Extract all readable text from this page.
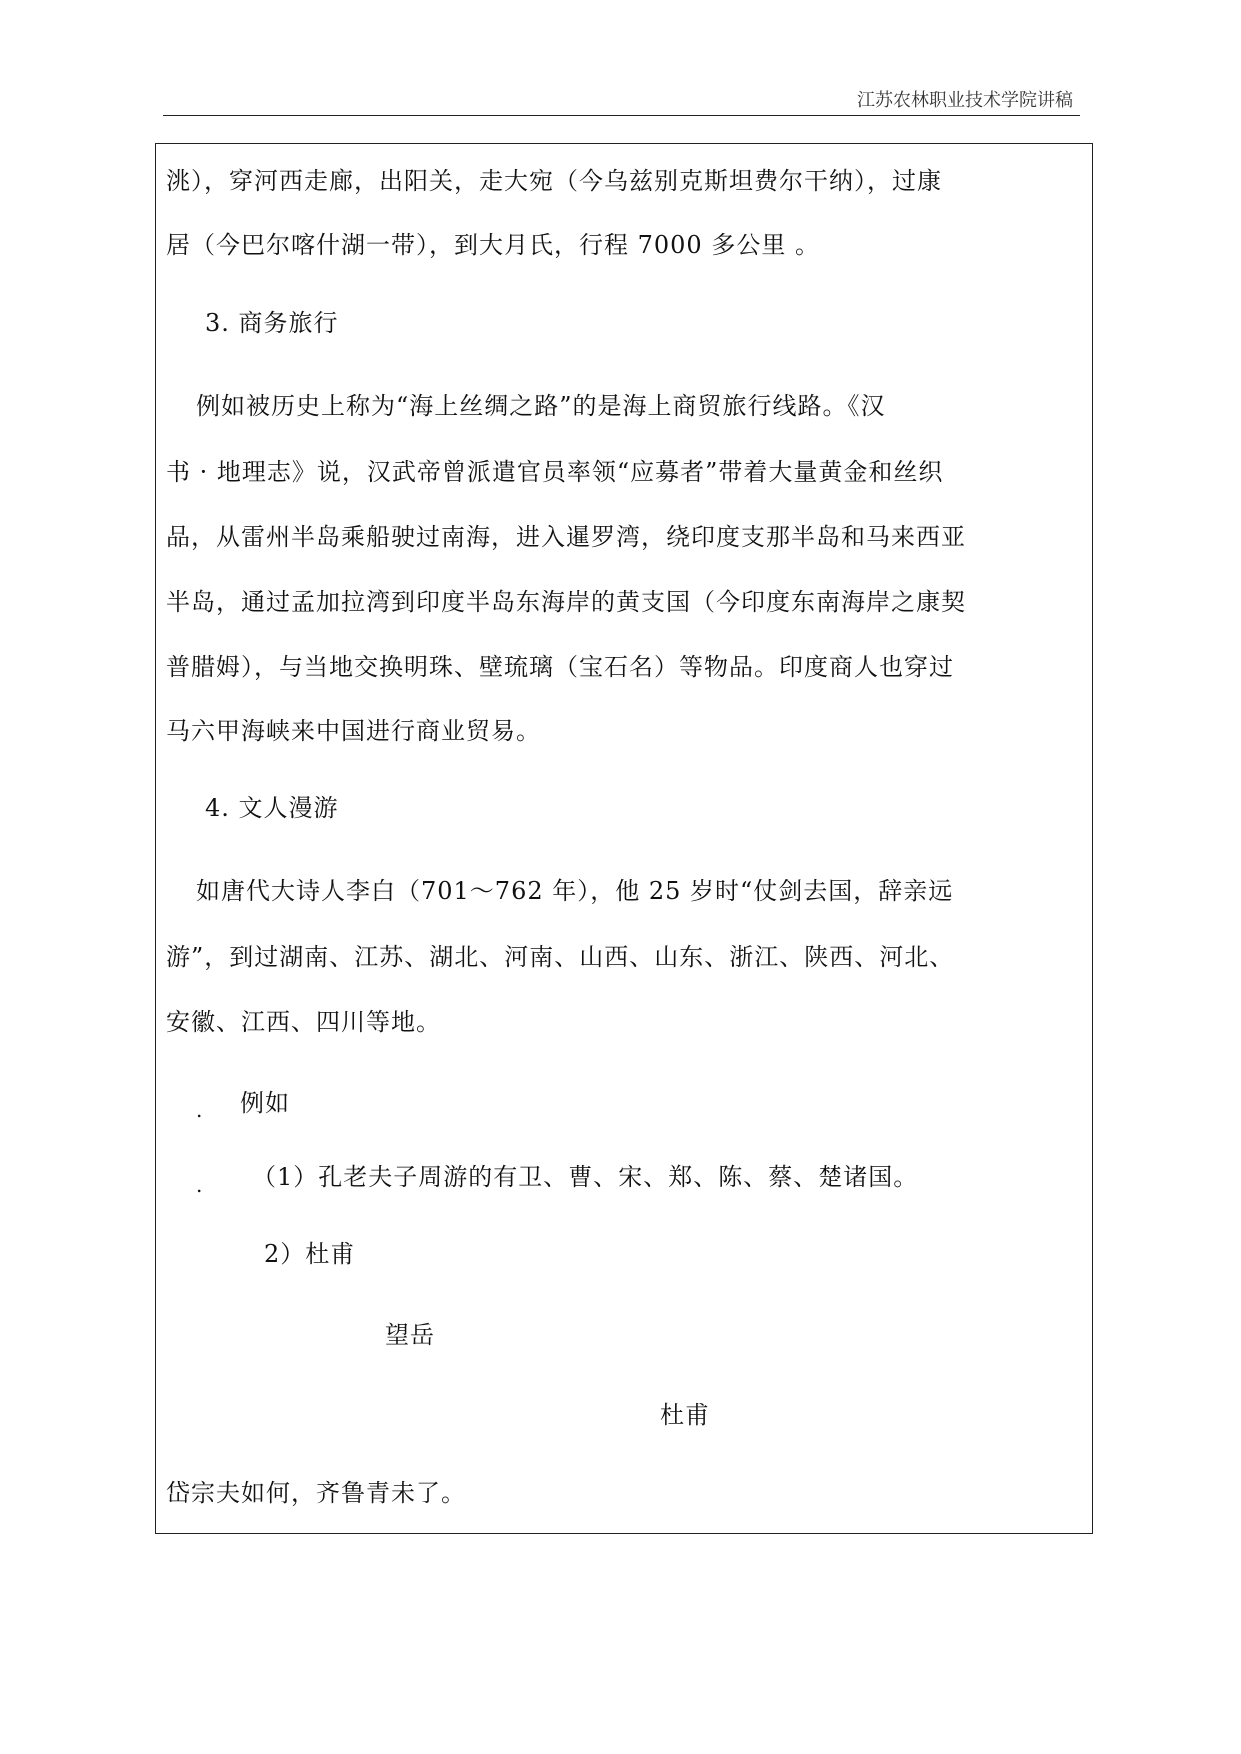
江苏农林职业技术学院讲稿
洮），穿河西走廊，出阳关，走大宛（今乌兹别克斯坦费尔干纳），过康
居（今巴尔喀什湖一带），到大月氏，行程 7000 多公里 。
3. 商务旅行
例如被历史上称为“海上丝绸之路”的是海上商贸旅行线路。《汉
书 · 地理志》说，汉武帝曾派遣官员率领“应募者”带着大量黄金和丝织
品，从雷州半岛乘船驶过南海，进入暹罗湾，绕印度支那半岛和马来西亚
半岛，通过孟加拉湾到印度半岛东海岸的黄支国（今印度东南海岸之康契
普腊姆），与当地交换明珠、壁琉璃（宝石名）等物品。印度商人也穿过
马六甲海峡来中国进行商业贸易。
4. 文人漫游
如唐代大诗人李白（701～762 年），他 25 岁时“仗剑去国，辞亲远
游”，到过湖南、江苏、湖北、河南、山西、山东、浙江、陕西、河北、
安徽、江西、四川等地。
. 例如
. （1）孔老夫子周游的有卫、曹、宋、郑、陈、蔡、楚诸国。
2）杜甫
望岳
杜甫
岱宗夫如何，齐鲁青未了。
